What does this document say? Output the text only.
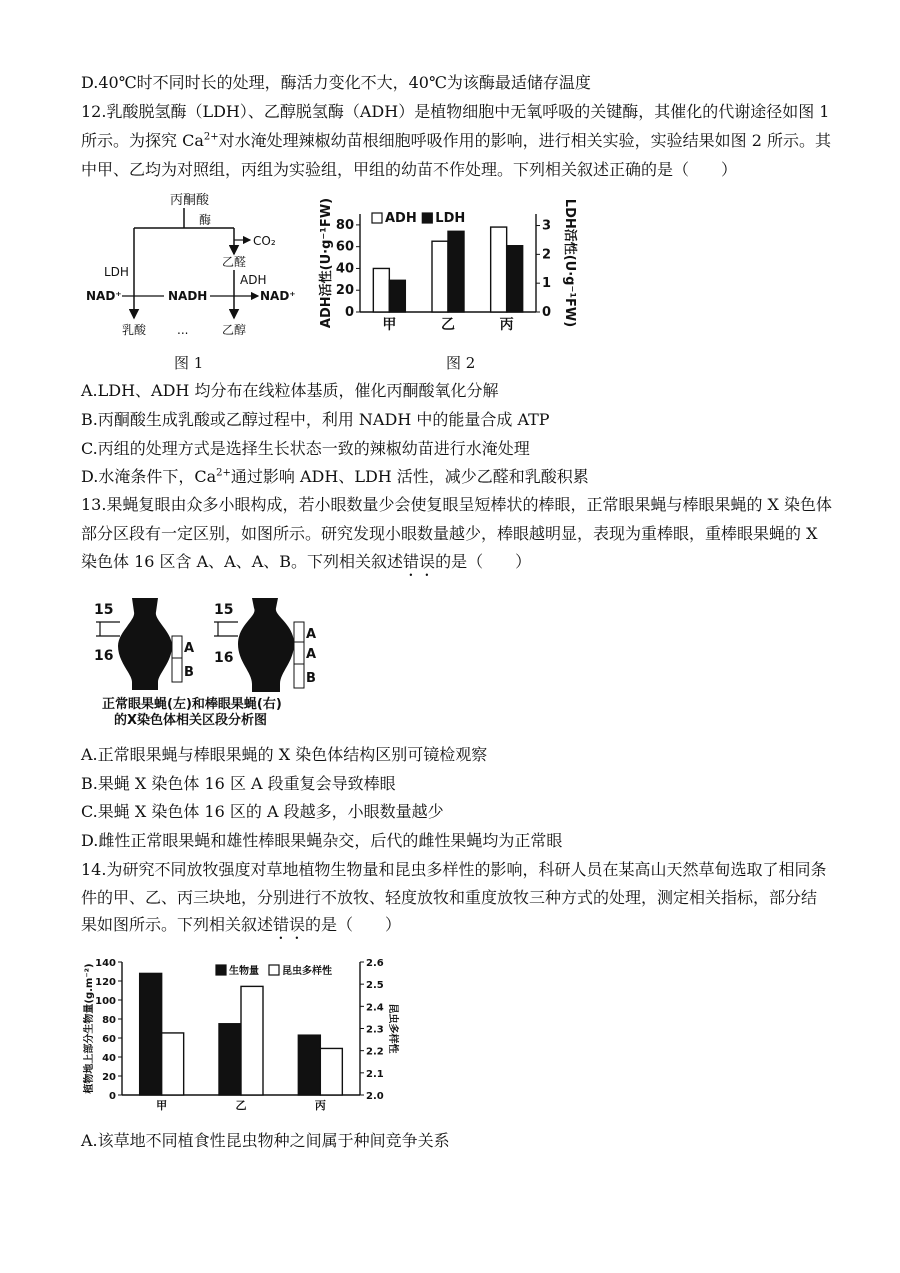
D.40℃时不同时长的处理，酶活力变化不大，40℃为该酶最适储存温度
12.乳酸脱氢酶（LDH）、乙醇脱氢酶（ADH）是植物细胞中无氧呼吸的关键酶，其催化的代谢途径如图 1
所示。为探究 $Ca^{2+}$对水淹处理辣椒幼苗根细胞呼吸作用的影响，进行相关实验，实验结果如图 2 所示。其
中甲、乙均为对照组，丙组为实验组，甲组的幼苗不作处理。下列相关叙述正确的是（　　）
丙酮酸
酶
CO₂
乙醛
LDH
ADH
NAD⁺	NADH	NAD⁺
乳酸	...	乙醇
0
20
40
60
80
0
1
2
3
甲	乙	丙
ADH活性(U·g⁻¹FW)	LDH活性(U·g⁻¹FW)
ADH LDH
图 1	图 2
A.LDH、ADH 均分布在线粒体基质，催化丙酮酸氧化分解
B.丙酮酸生成乳酸或乙醇过程中，利用 NADH 中的能量合成 ATP
C.丙组的处理方式是选择生长状态一致的辣椒幼苗进行水淹处理
D.水淹条件下，$Ca^{2+}$通过影响 ADH、LDH 活性，减少乙醛和乳酸积累
13.果蝇复眼由众多小眼构成，若小眼数量少会使复眼呈短棒状的棒眼，正常眼果蝇与棒眼果蝇的 X 染色体
部分区段有一定区别，如图所示。研究发现小眼数量越少，棒眼越明显，表现为重棒眼，重棒眼果蝇的 X
染色体 16 区含 A、A、A、B。下列相关叙述错误的是（　　）
15
16	A
B
15
16
A
A
B
正常眼果蝇(左)和棒眼果蝇(右)
的X染色体相关区段分析图
A.正常眼果蝇与棒眼果蝇的 X 染色体结构区别可镜检观察
B.果蝇 X 染色体 16 区 A 段重复会导致棒眼
C.果蝇 X 染色体 16 区的 A 段越多，小眼数量越少
D.雌性正常眼果蝇和雄性棒眼果蝇杂交，后代的雌性果蝇均为正常眼
14.为研究不同放牧强度对草地植物生物量和昆虫多样性的影响，科研人员在某高山天然草甸选取了相同条
件的甲、乙、丙三块地，分别进行不放牧、轻度放牧和重度放牧三种方式的处理，测定相关指标，部分结
果如图所示。下列相关叙述错误的是（　　）
0
20
40
60
80
100
120
140
2.0
2.1
2.2
2.3
2.4
2.5
2.6
甲	乙	丙
植物地上部分生物量(g.m⁻²)	昆虫多样性
生物量 昆虫多样性
A.该草地不同植食性昆虫物种之间属于种间竞争关系
